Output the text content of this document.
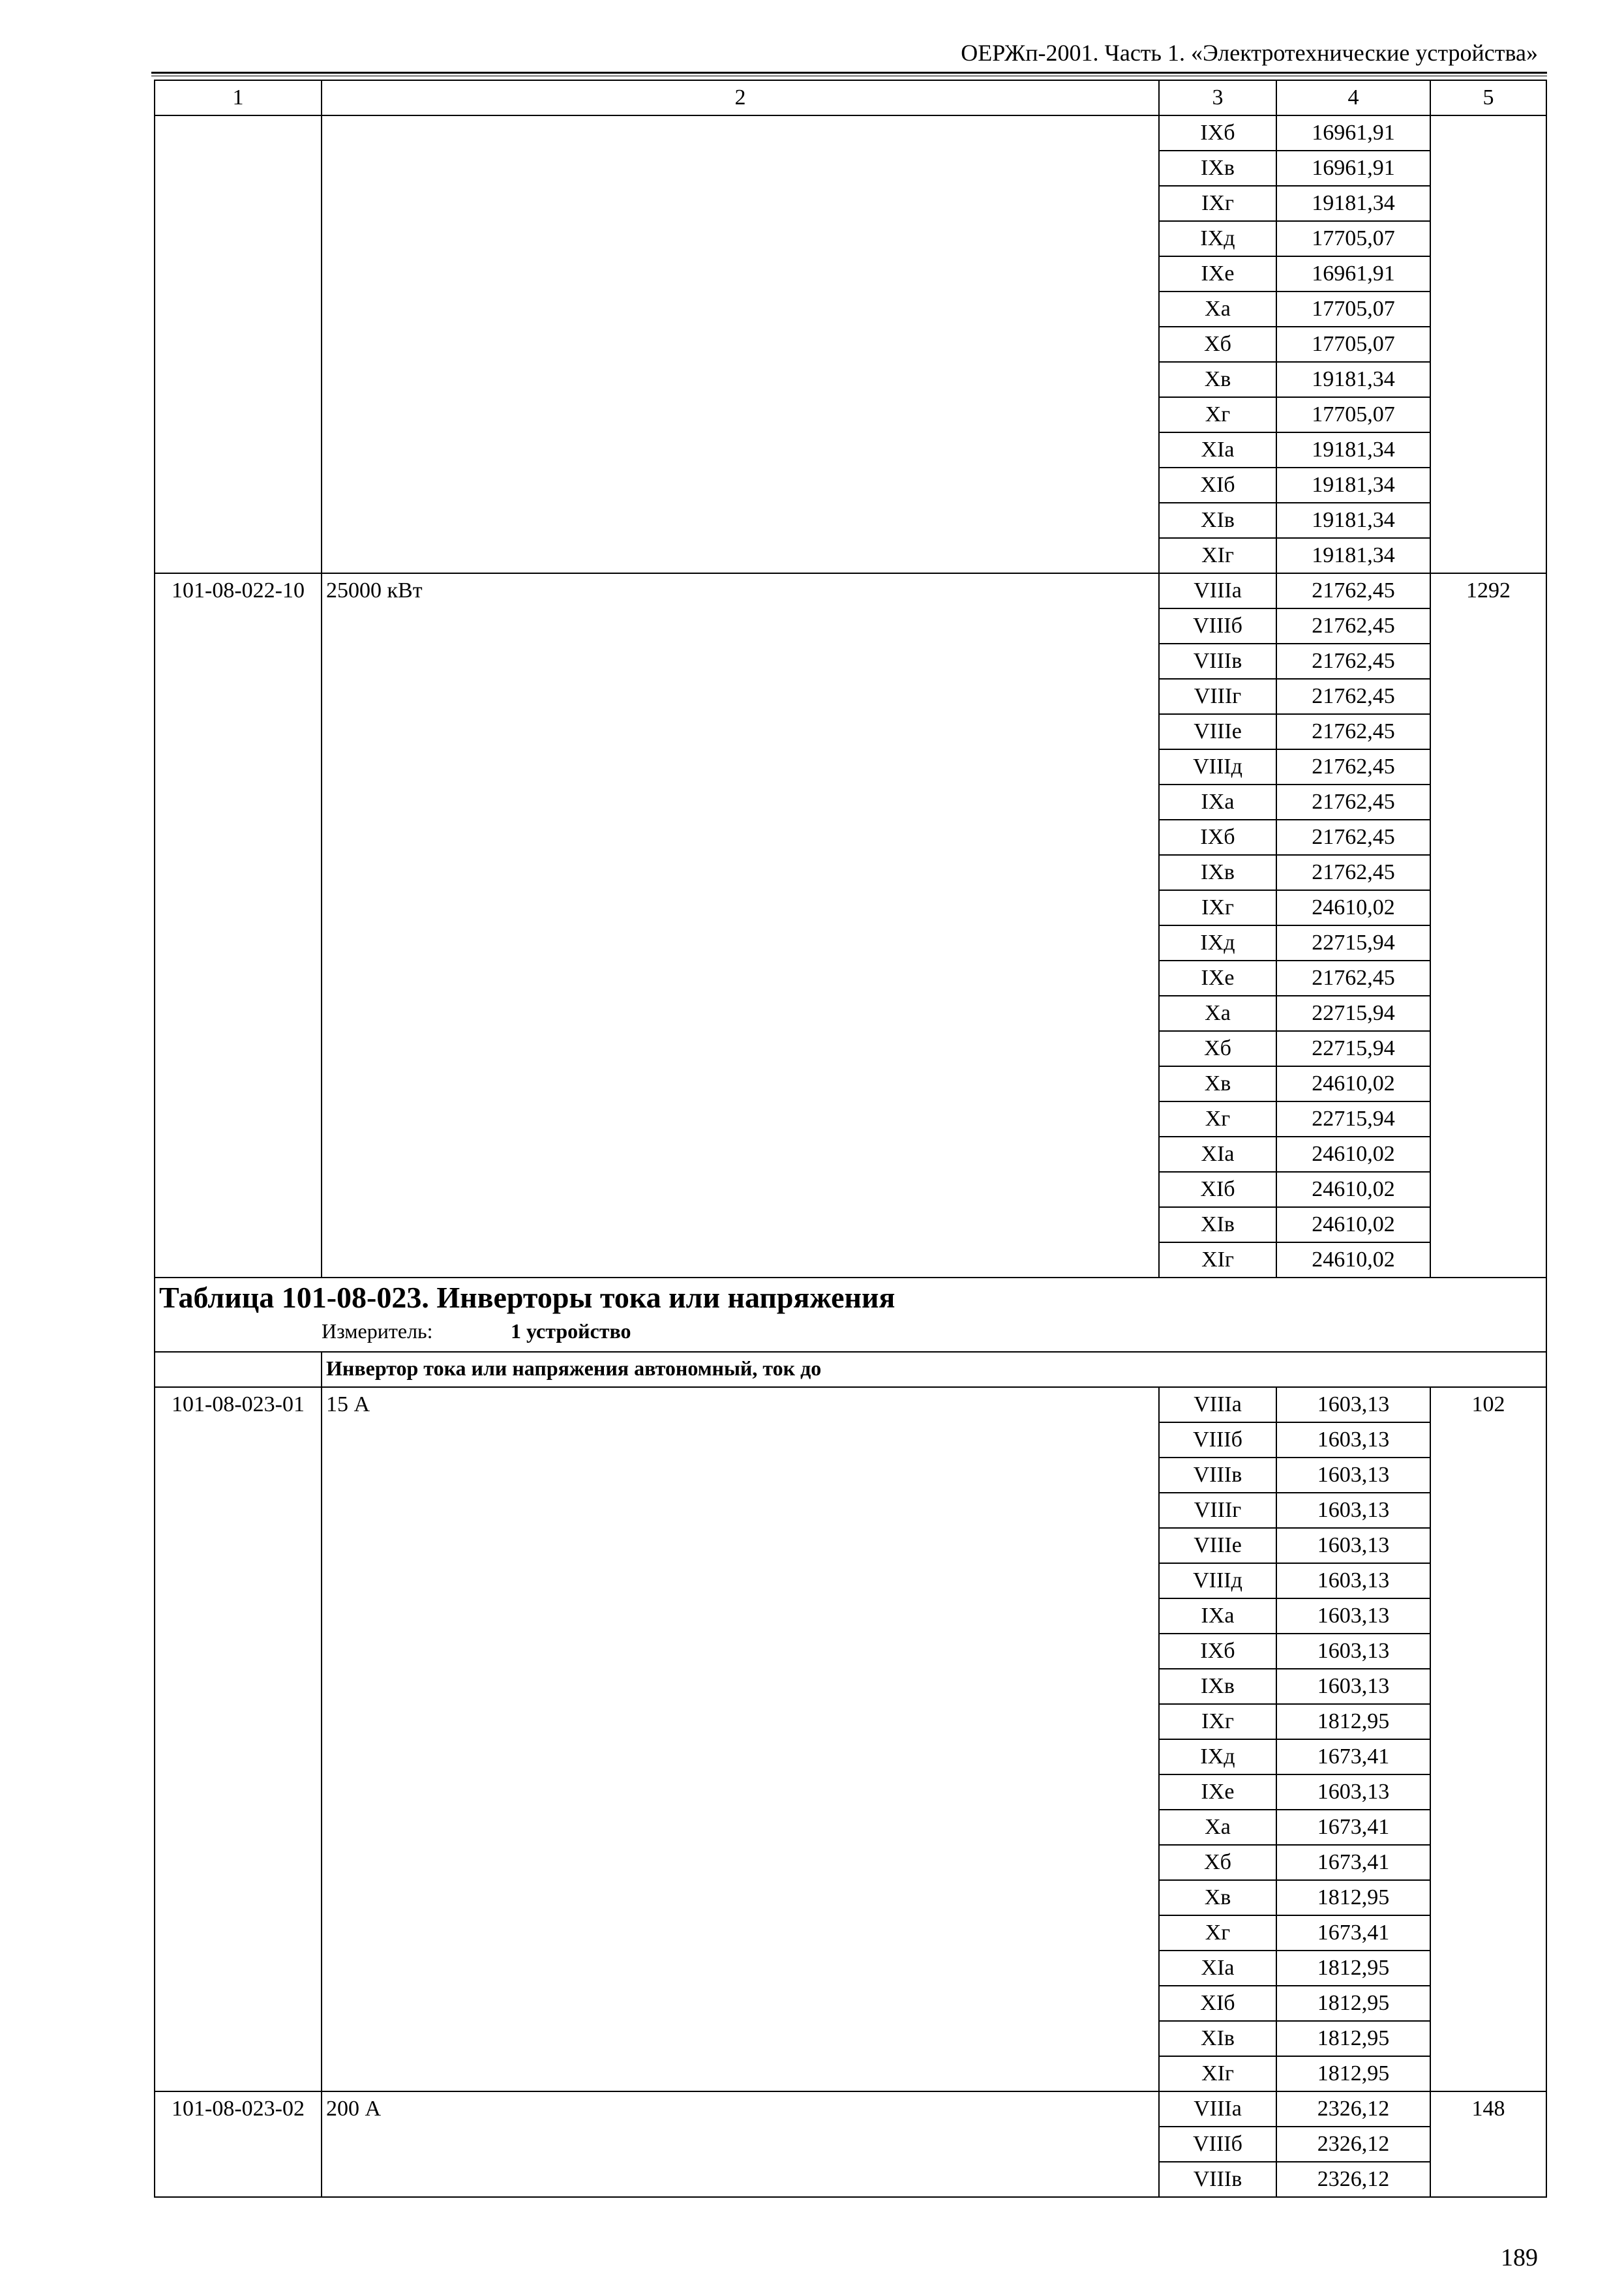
ОЕРЖп-2001. Часть 1. «Электротехнические устройства»
1	2	3	4	5
		IXб	16961,91	
		IXв	16961,91	
		IXг	19181,34	
		IXд	17705,07	
		IXе	16961,91	
		Xа	17705,07	
		Xб	17705,07	
		Xв	19181,34	
		Xг	17705,07	
		XIа	19181,34	
		XIб	19181,34	
		XIв	19181,34	
		XIг	19181,34	
101-08-022-10	25000 кВт	VIIIа	21762,45	1292
		VIIIб	21762,45	
		VIIIв	21762,45	
		VIIIг	21762,45	
		VIIIе	21762,45	
		VIIIд	21762,45	
		IXа	21762,45	
		IXб	21762,45	
		IXв	21762,45	
		IXг	24610,02	
		IXд	22715,94	
		IXе	21762,45	
		Xа	22715,94	
		Xб	22715,94	
		Xв	24610,02	
		Xг	22715,94	
		XIа	24610,02	
		XIб	24610,02	
		XIв	24610,02	
		XIг	24610,02	
Таблица 101-08-023. Инверторы тока или напряжения				
	Измеритель: 1 устройство			
	Инвертор тока или напряжения автономный, ток до			
101-08-023-01	15 А	VIIIа	1603,13	102
		VIIIб	1603,13	
		VIIIв	1603,13	
		VIIIг	1603,13	
		VIIIе	1603,13	
		VIIIд	1603,13	
		IXа	1603,13	
		IXб	1603,13	
		IXв	1603,13	
		IXг	1812,95	
		IXд	1673,41	
		IXе	1603,13	
		Xа	1673,41	
		Xб	1673,41	
		Xв	1812,95	
		Xг	1673,41	
		XIа	1812,95	
		XIб	1812,95	
		XIв	1812,95	
		XIг	1812,95	
101-08-023-02	200 А	VIIIа	2326,12	148
		VIIIб	2326,12	
		VIIIв	2326,12	
189
